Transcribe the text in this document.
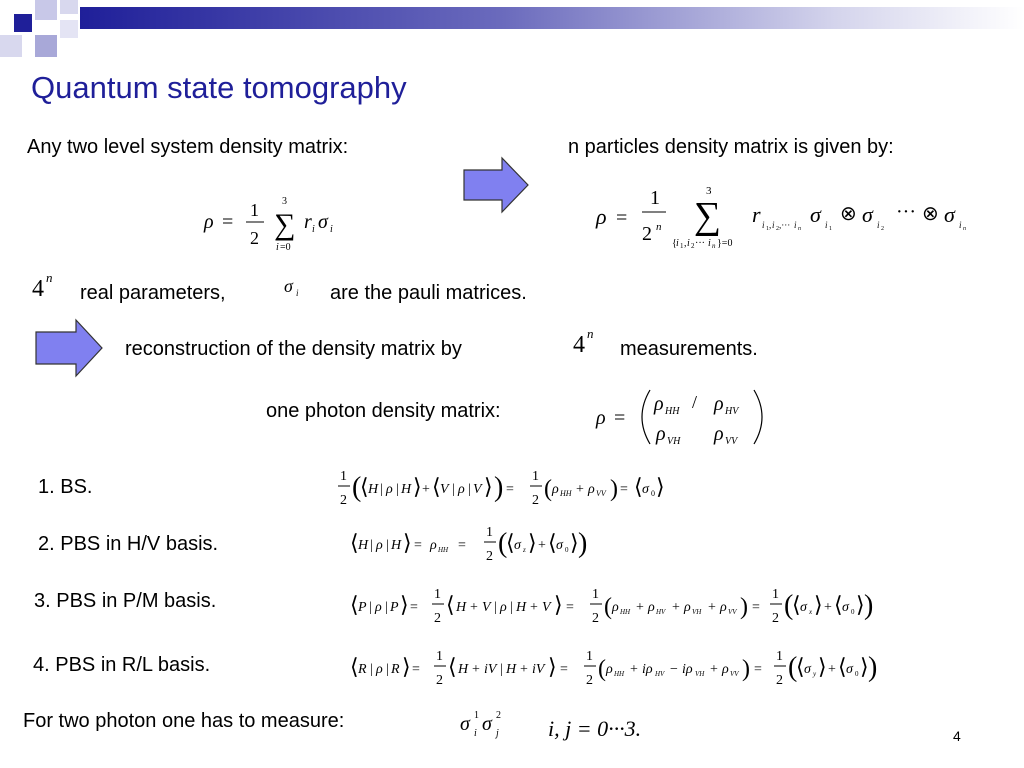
Quantum state tomography
Any two level system density matrix:	n particles density matrix is given by:
ρ =
1
2
3
∑
i =0
r i σ i
ρ =
1
2 n
3
∑
{ i 1 , i 2 ··· i n }=0
r i 1 , i 2 ,··· i n
σ i 1
⊗ σ i 2
··· ⊗ σ i n
4 n
real parameters,	σ i are the pauli matrices.
reconstruction of the density matrix by	4 n
measurements.
one photon density matrix:	ρ =
ρ HH / ρ HV
ρ VH ρ VV
1. BS.	1
2 (
⟨ H | ρ | H ⟩ + ⟨ V | ρ | V ⟩ ) =
1
2 ( ρ HH + ρ VV ) = ⟨ σ 0 ⟩
2. PBS in H/V basis.	⟨ H | ρ | H ⟩ = ρ HH =
1
2 (
⟨ σ z ⟩ + ⟨ σ 0 ⟩ )
3. PBS in P/M basis.	⟨ P | ρ | P ⟩ =
1
2
⟨ H + V | ρ | H + V ⟩ =
1
2 ( ρ HH + ρ HV + ρ VH + ρ VV ) =
1
2 (
⟨ σ x ⟩ + ⟨ σ 0 ⟩ )
4. PBS in R/L basis.	⟨ R | ρ | R ⟩ =
1
2
⟨ H + iV | H + iV ⟩ =
1
2 ( ρ HH + iρ HV − iρ VH + ρ VV ) =
1
2 (
⟨ σ y ⟩ + ⟨ σ 0 ⟩ )
For two photon one has to measure:	σ 1
i σ 2
j i, j = 0···3.	4
